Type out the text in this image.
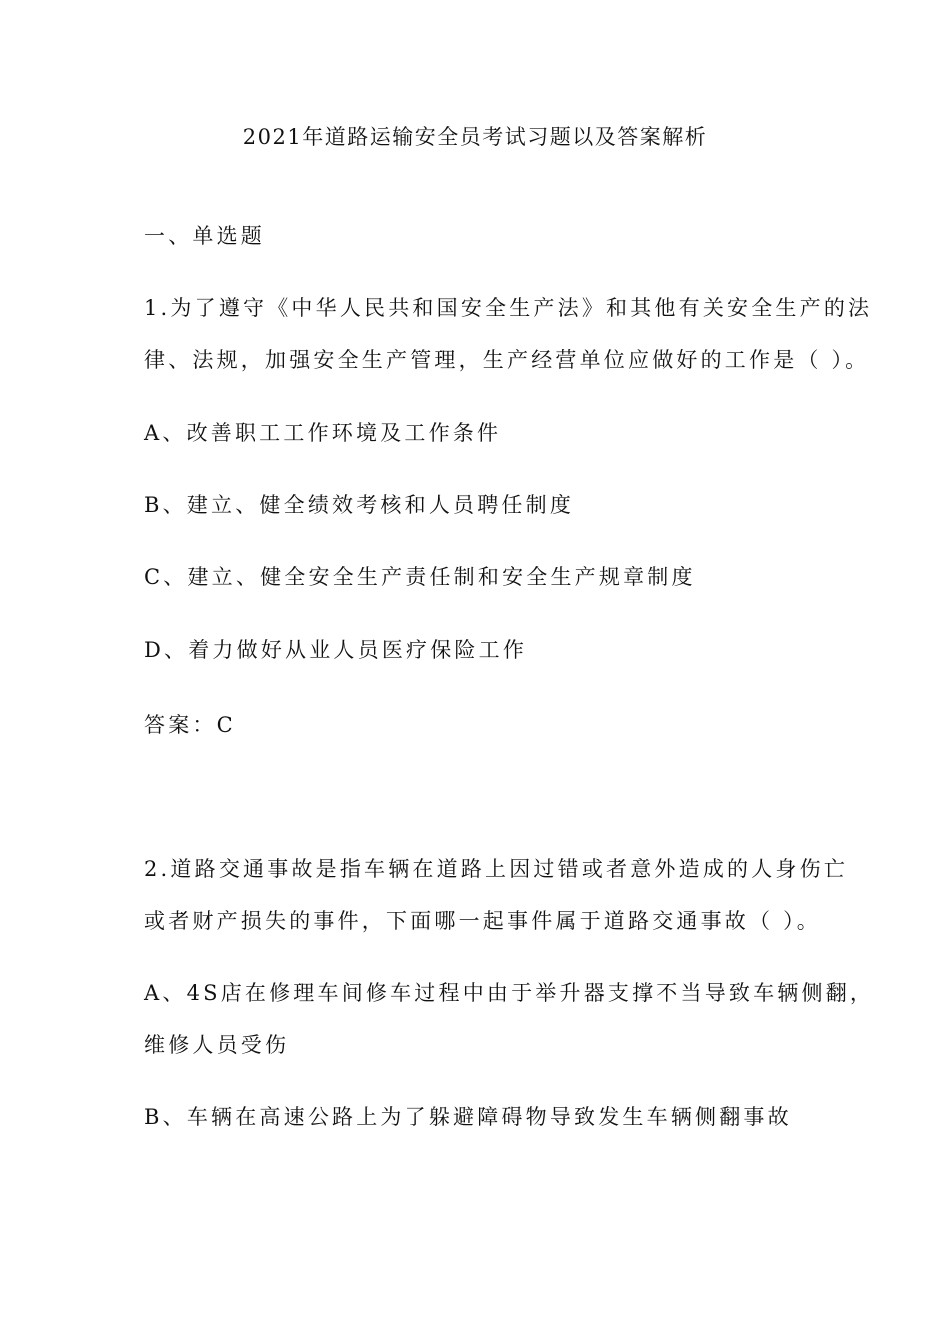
2021年道路运输安全员考试习题以及答案解析
一、单选题
1.为了遵守《中华人民共和国安全生产法》和其他有关安全生产的法
律、法规，加强安全生产管理，生产经营单位应做好的工作是（ ）。
A、改善职工工作环境及工作条件
B、建立、健全绩效考核和人员聘任制度
C、建立、健全安全生产责任制和安全生产规章制度
D、着力做好从业人员医疗保险工作
答案：C
2.道路交通事故是指车辆在道路上因过错或者意外造成的人身伤亡
或者财产损失的事件，下面哪一起事件属于道路交通事故（ ）。
A、4S店在修理车间修车过程中由于举升器支撑不当导致车辆侧翻，
维修人员受伤
B、车辆在高速公路上为了躲避障碍物导致发生车辆侧翻事故
